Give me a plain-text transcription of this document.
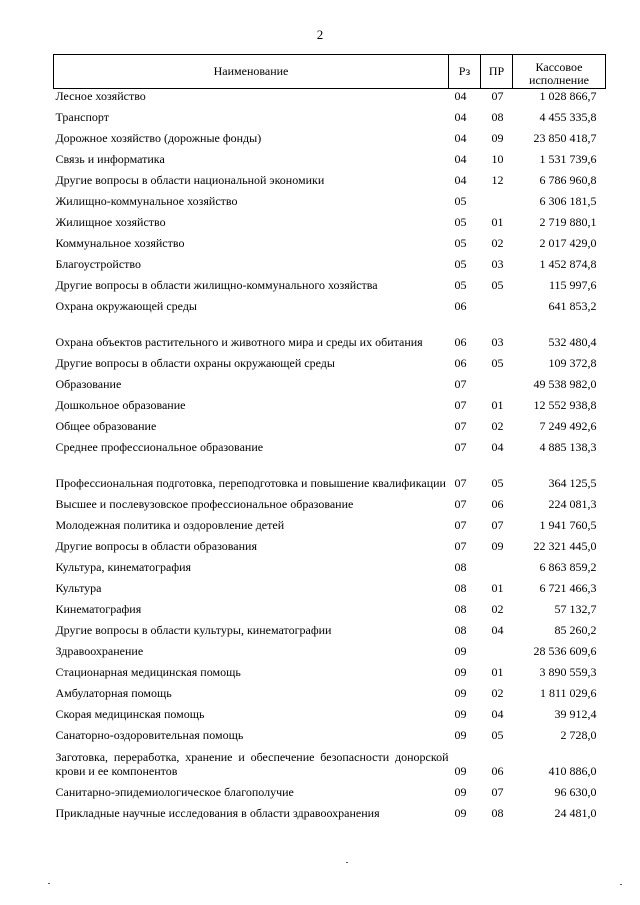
2
Наименование	Рз	ПР	Кассовое исполнение
Лесное хозяйство	04	07	1 028 866,7
Транспорт	04	08	4 455 335,8
Дорожное хозяйство (дорожные фонды)	04	09	23 850 418,7
Связь и информатика	04	10	1 531 739,6
Другие вопросы в области национальной экономики	04	12	6 786 960,8
Жилищно-коммунальное хозяйство	05		6 306 181,5
Жилищное хозяйство	05	01	2 719 880,1
Коммунальное хозяйство	05	02	2 017 429,0
Благоустройство	05	03	1 452 874,8
Другие вопросы в области жилищно-коммунального хозяйства	05	05	115 997,6
Охрана окружающей среды	06		641 853,2
Охрана объектов растительного и животного мира и среды их обитания	06	03	532 480,4
Другие вопросы в области охраны окружающей среды	06	05	109 372,8
Образование	07		49 538 982,0
Дошкольное образование	07	01	12 552 938,8
Общее образование	07	02	7 249 492,6
Среднее профессиональное образование	07	04	4 885 138,3
Профессиональная подготовка, переподготовка и повышение квалификации	07	05	364 125,5
Высшее и послевузовское профессиональное образование	07	06	224 081,3
Молодежная политика и оздоровление детей	07	07	1 941 760,5
Другие вопросы в области образования	07	09	22 321 445,0
Культура, кинематография	08		6 863 859,2
Культура	08	01	6 721 466,3
Кинематография	08	02	57 132,7
Другие вопросы в области культуры, кинематографии	08	04	85 260,2
Здравоохранение	09		28 536 609,6
Стационарная медицинская помощь	09	01	3 890 559,3
Амбулаторная помощь	09	02	1 811 029,6
Скорая медицинская помощь	09	04	39 912,4
Санаторно-оздоровительная помощь	09	05	2 728,0
Заготовка, переработка, хранение и обеспечение безопасности донорской крови и ее компонентов	09	06	410 886,0
Санитарно-эпидемиологическое благополучие	09	07	96 630,0
Прикладные научные исследования в области здравоохранения	09	08	24 481,0
